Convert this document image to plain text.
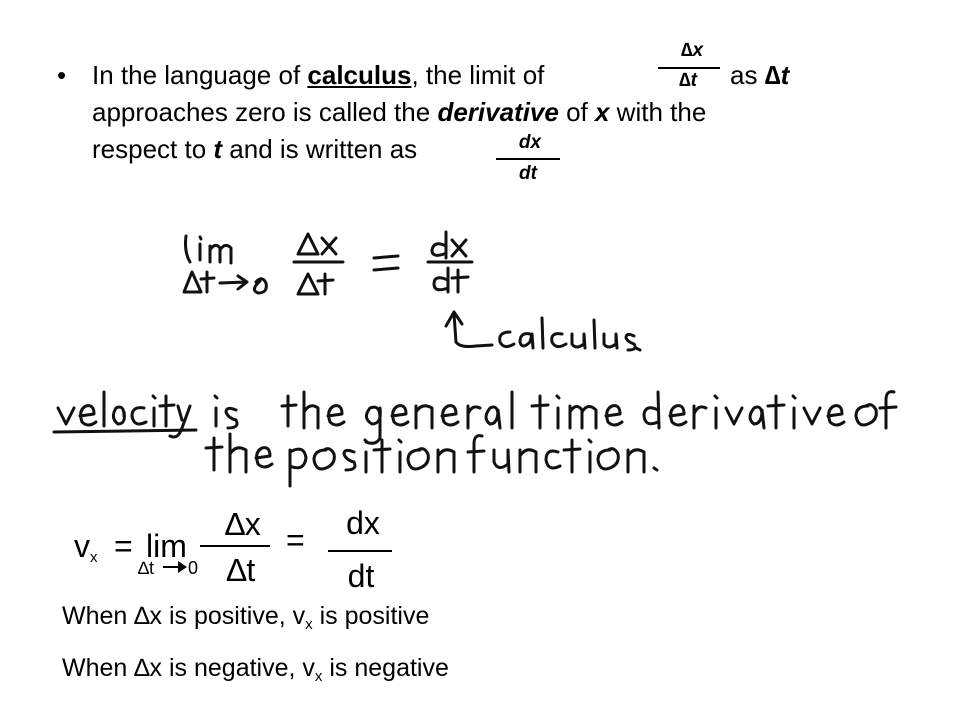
• In the language of calculus, the limit of
∆x
∆t	as ∆t
approaches zero is called the derivative of x with the
respect to t and is written as	dx
dt
$v_x = \lim$
∆t 0
∆x
∆t
= dx
dt
When ∆x is positive, $v_x$ is positive
When ∆x is negative, $v_x$ is negative
